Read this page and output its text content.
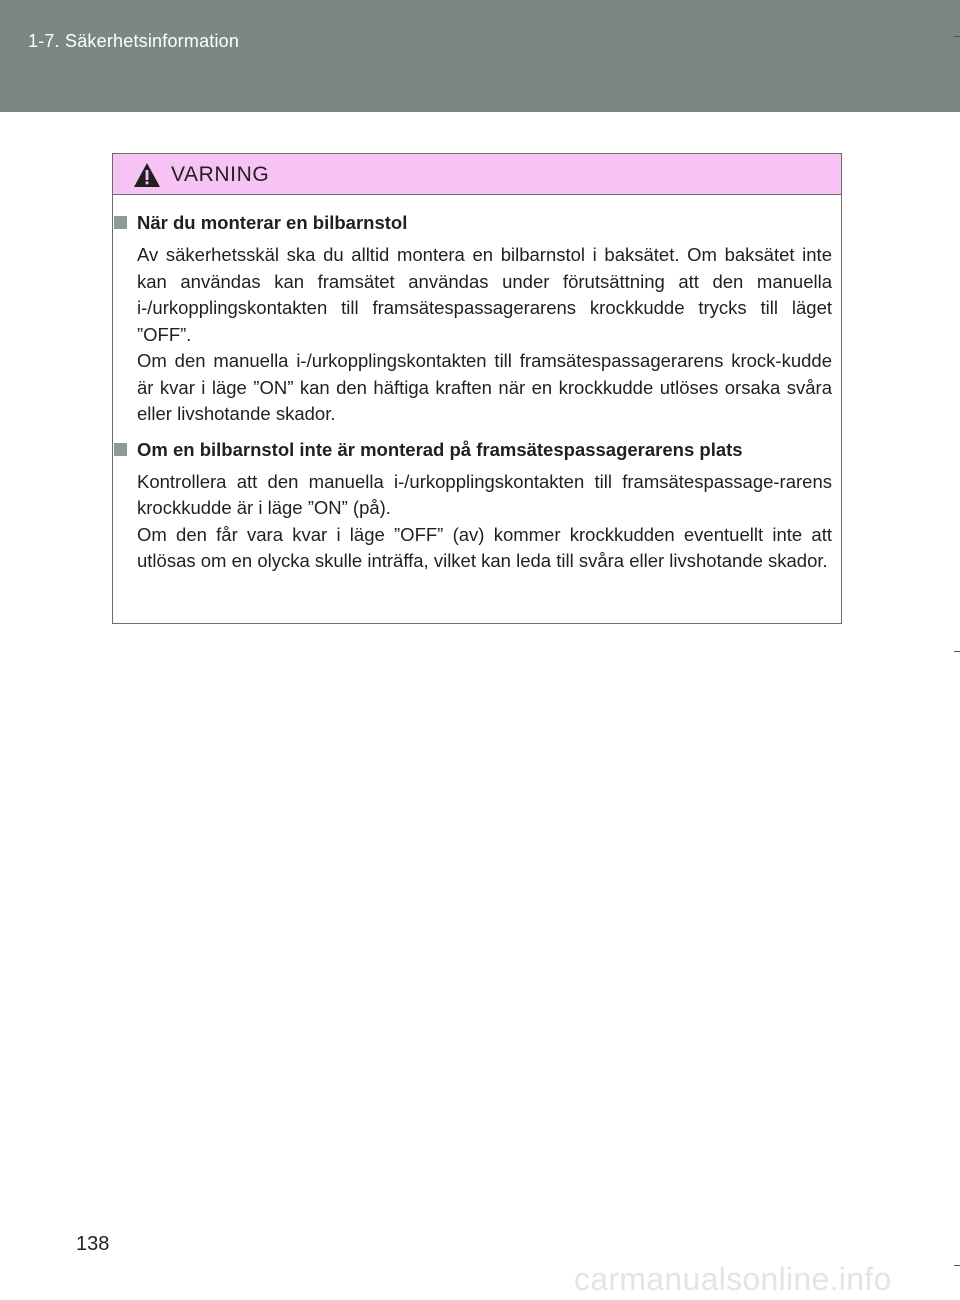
1-7. Säkerhetsinformation
VARNING
När du monterar en bilbarnstol

Av säkerhetsskäl ska du alltid montera en bilbarnstol i baksätet. Om baksätet inte kan användas kan framsätet användas under förutsättning att den manuella i-/urkopplingskontakten till framsätespassagerarens krockkudde trycks till läget ”OFF”.

Om den manuella i-/urkopplingskontakten till framsätespassagerarens krock-kudde är kvar i läge ”ON” kan den häftiga kraften när en krockkudde utlöses orsaka svåra eller livshotande skador.

Om en bilbarnstol inte är monterad på framsätespassagerarens plats

Kontrollera att den manuella i-/urkopplingskontakten till framsätespassage-rarens krockkudde är i läge ”ON” (på).

Om den får vara kvar i läge ”OFF” (av) kommer krockkudden eventuellt inte att utlösas om en olycka skulle inträffa, vilket kan leda till svåra eller livshotande skador.

138
carmanualsonline.info
